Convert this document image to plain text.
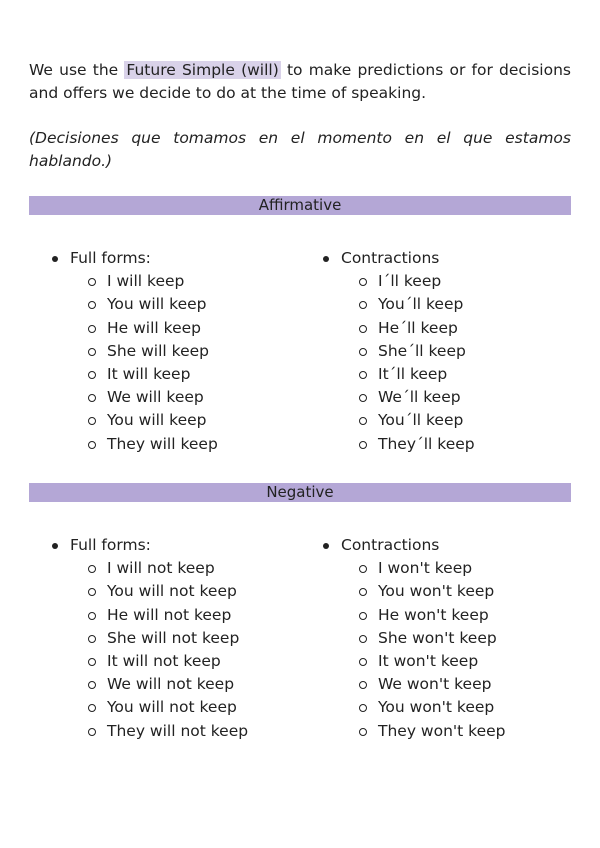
We use the Future Simple (will) to make predictions or for decisions and offers we decide to do at the time of speaking.

(Decisiones que tomamos en el momento en el que estamos hablando.)

Affirmative
Full forms:
I will keep
You will keep
He will keep
She will keep
It will keep
We will keep
You will keep
They will keep
Contractions
I´ll keep
You´ll keep
He´ll keep
She´ll keep
It´ll keep
We´ll keep
You´ll keep
They´ll keep
Negative
Full forms:
I will not keep
You will not keep
He will not keep
She will not keep
It will not keep
We will not keep
You will not keep
They will not keep
Contractions
I won't keep
You won't keep
He won't keep
She won't keep
It won't keep
We won't keep
You won't keep
They won't keep
